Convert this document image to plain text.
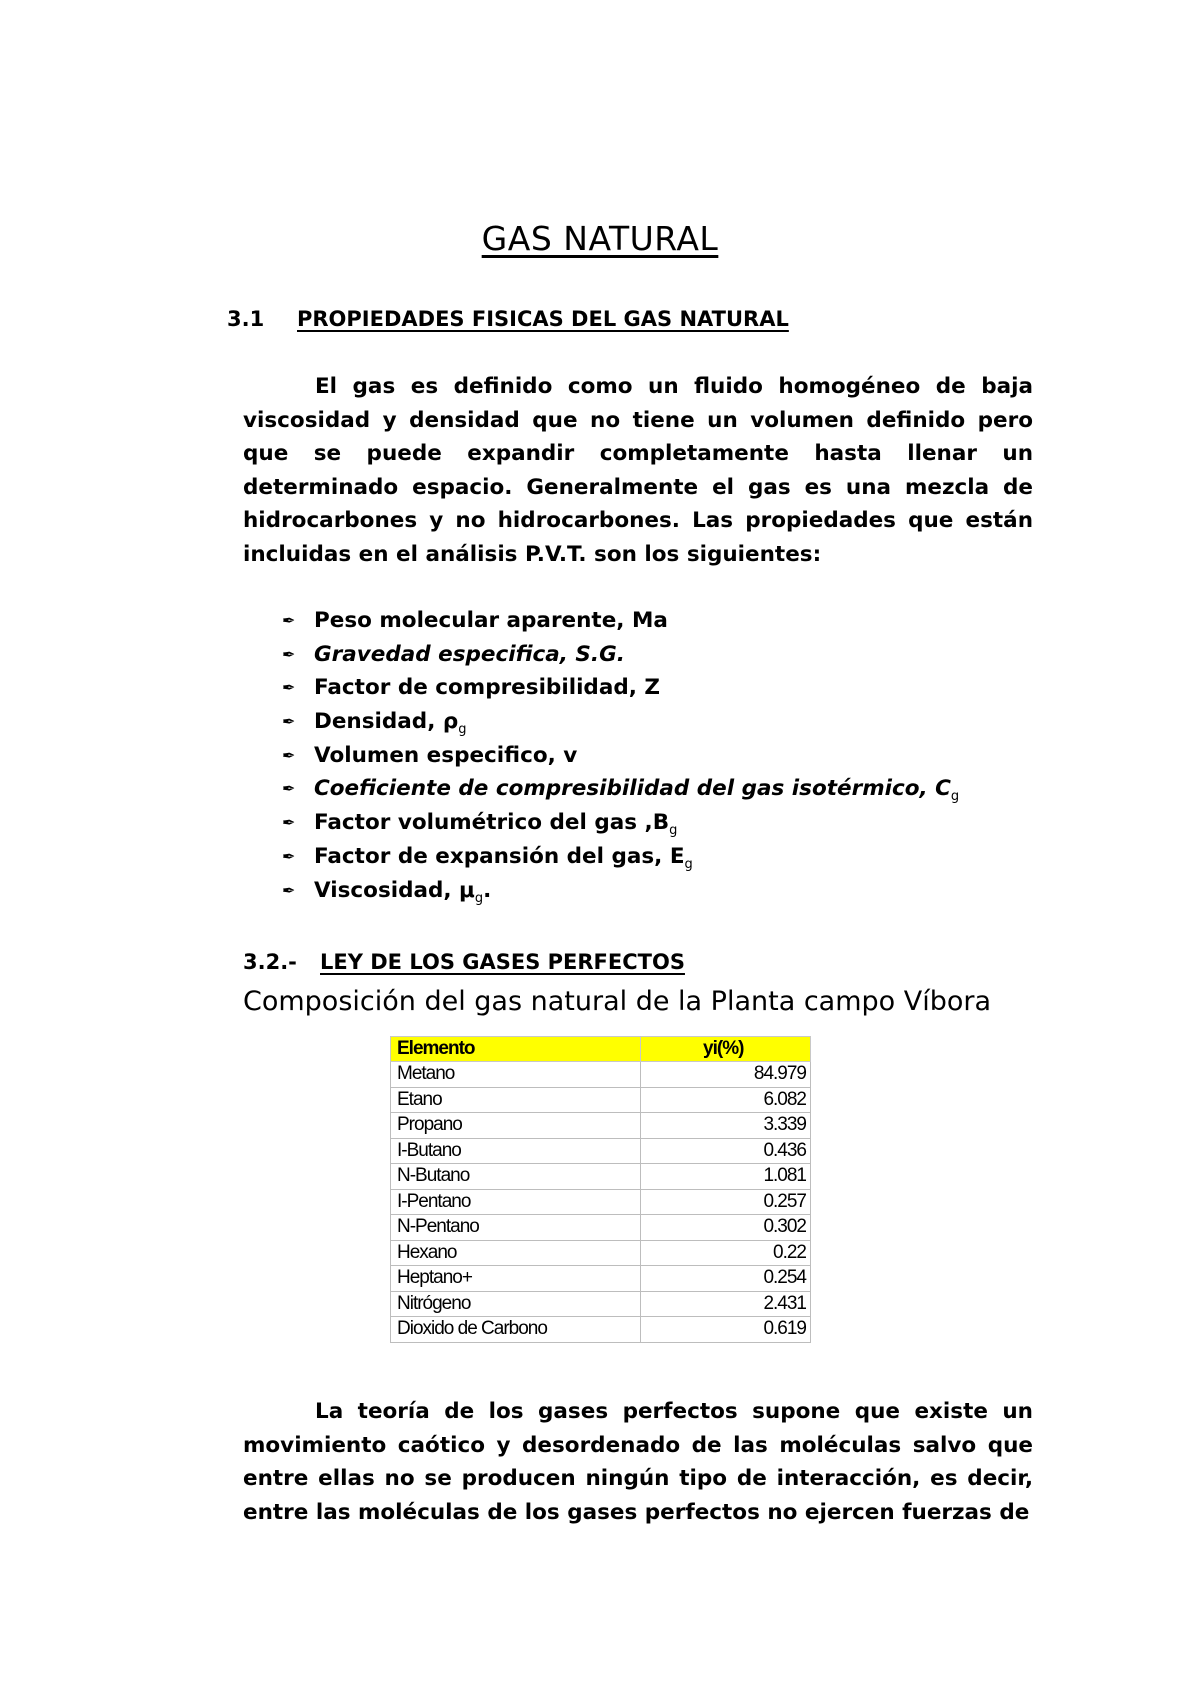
GAS NATURAL
3.1 PROPIEDADES FISICAS DEL GAS NATURAL
El gas es definido como un fluido homogéneo de baja viscosidad y densidad que no tiene un volumen definido pero que se puede expandir completamente hasta llenar un determinado espacio. Generalmente el gas es una mezcla de hidrocarbones y no hidrocarbones. Las propiedades que están incluidas en el análisis P.V.T. son los siguientes:
✒ Peso molecular aparente, Ma
✒ Gravedad especifica, S.G.
✒ Factor de compresibilidad, Z
✒ Densidad, $\rho_g$
✒ Volumen especifico, v
✒ Coeficiente de compresibilidad del gas isotérmico, $C_g$
✒ Factor volumétrico del gas $,B_g$
✒ Factor de expansión del gas, $E_g$
✒ Viscosidad, $\mu_g$.
3.2.- LEY DE LOS GASES PERFECTOS
Composición del gas natural de la Planta campo Víbora
Elemento	yi(%)
Metano	84.979
Etano	6.082
Propano	3.339
I-Butano	0.436
N-Butano	1.081
I-Pentano	0.257
N-Pentano	0.302
Hexano	0.22
Heptano+	0.254
Nitrógeno	2.431
Dioxido de Carbono	0.619
La teoría de los gases perfectos supone que existe un movimiento caótico y desordenado de las moléculas salvo que entre ellas no se producen ningún tipo de interacción, es decir, entre las moléculas de los gases perfectos no ejercen fuerzas de
